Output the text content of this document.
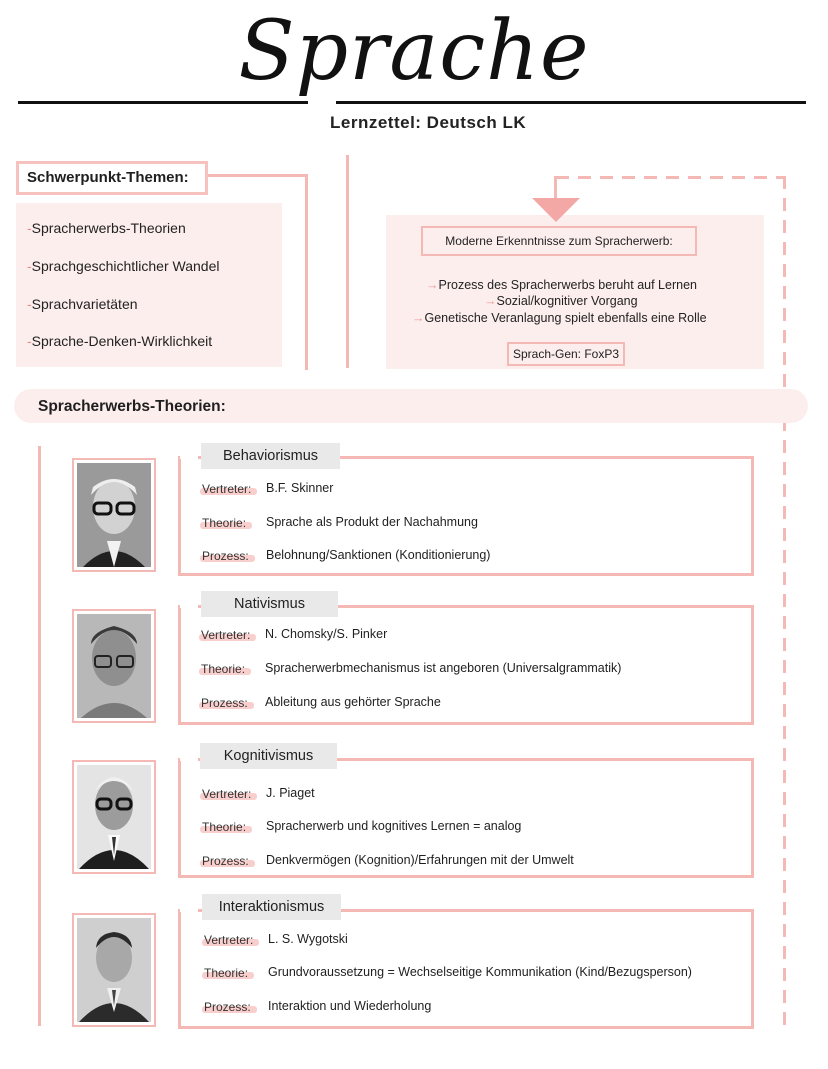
Sprache
Lernzettel: Deutsch LK
Schwerpunkt-Themen:
-Spracherwerbs-Theorien
-Sprachgeschichtlicher Wandel
-Sprachvarietäten
-Sprache-Denken-Wirklichkeit
Moderne Erkenntnisse zum Spracherwerb:
→Prozess des Spracherwerbs beruht auf Lernen
→Sozial/kognitiver Vorgang
→Genetische Veranlagung spielt ebenfalls eine Rolle
Sprach-Gen: FoxP3
Spracherwerbs-Theorien:
Behaviorismus
Vertreter: B.F. Skinner
Theorie: Sprache als Produkt der Nachahmung
Prozess: Belohnung/Sanktionen (Konditionierung)
Nativismus
Vertreter: N. Chomsky/S. Pinker
Theorie: Spracherwerbmechanismus ist angeboren (Universalgrammatik)
Prozess: Ableitung aus gehörter Sprache
Kognitivismus
Vertreter: J. Piaget
Theorie: Spracherwerb und kognitives Lernen = analog
Prozess: Denkvermögen (Kognition)/Erfahrungen mit der Umwelt
Interaktionismus
Vertreter: L. S. Wygotski
Theorie: Grundvoraussetzung = Wechselseitige Kommunikation (Kind/Bezugsperson)
Prozess: Interaktion und Wiederholung
